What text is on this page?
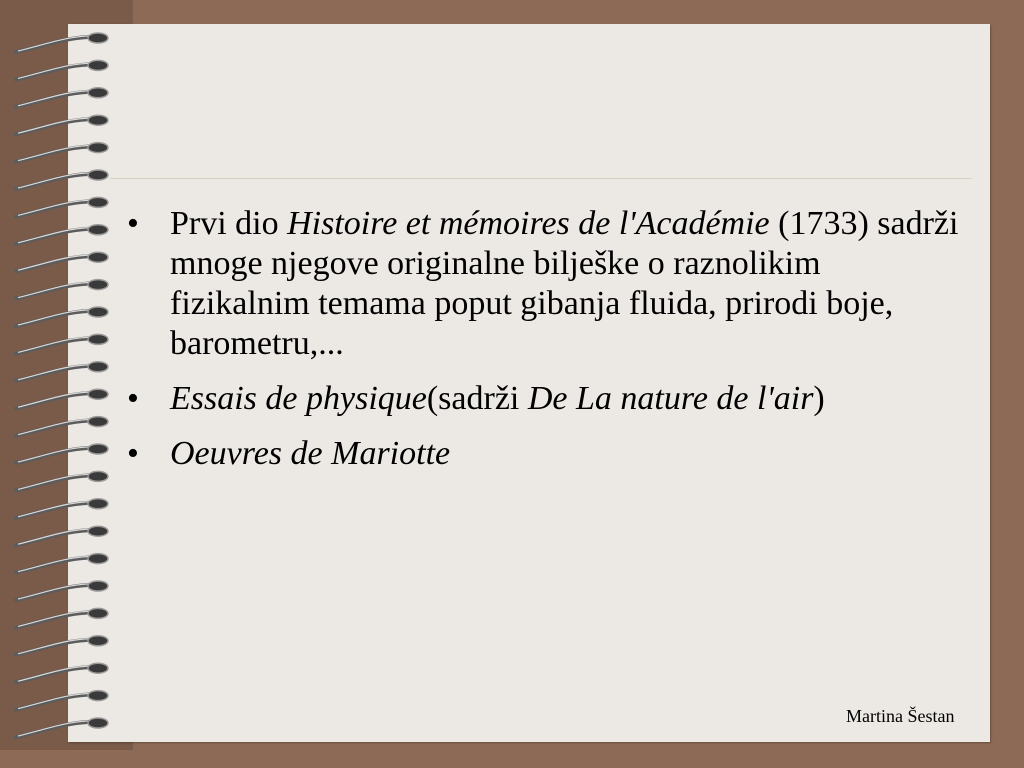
• Prvi dio Histoire et mémoires de l'Académie (1733) sadrži mnoge njegove originalne bilješke o raznolikim fizikalnim temama poput gibanja fluida, prirodi boje, barometru,...
• Essais de physique(sadrži De La nature de l'air)
• Oeuvres de Mariotte
Martina Šestan
